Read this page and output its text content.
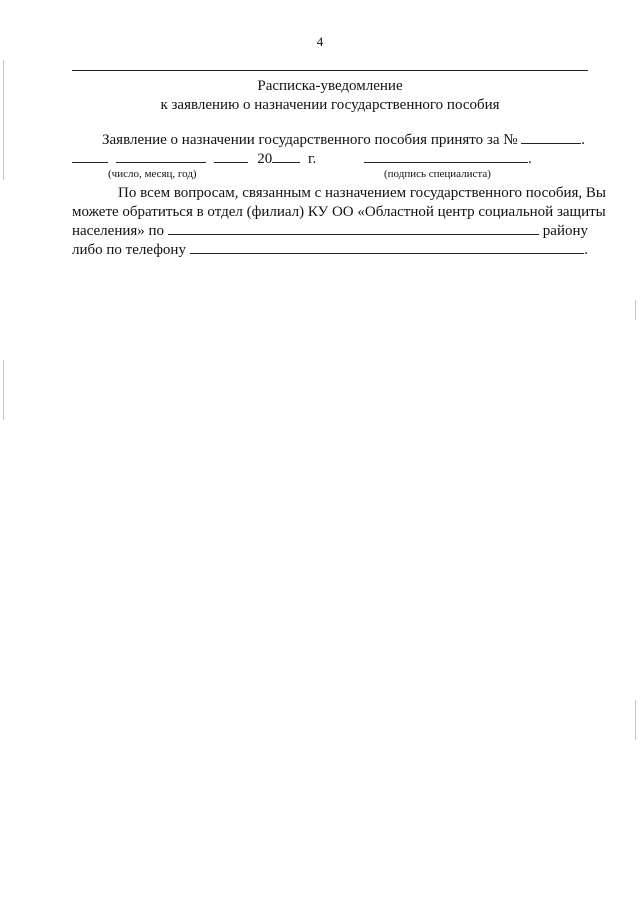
4
Расписка-уведомление
к заявлению о назначении государственного пособия
Заявление о назначении государственного пособия принято за №	.
20 г.	.
(число, месяц, год)	(подпись специалиста)
По всем вопросам, связанным с назначением государственного пособия, Вы
можете обратиться в отдел (филиал) КУ ОО «Областной центр социальной защиты
населения» по	району
либо по телефону	.
